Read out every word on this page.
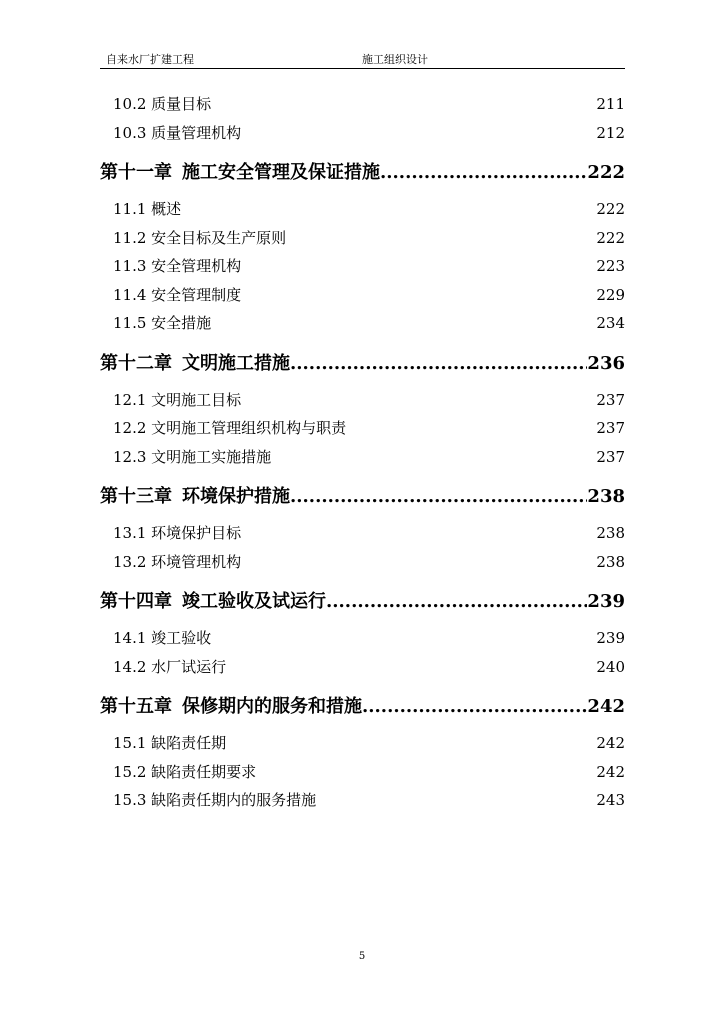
自来水厂扩建工程	施工组织设计
10.2 质量目标	211
10.3 质量管理机构	212
第十一章 施工安全管理及保证措施 .....	222
11.1 概述	222
11.2 安全目标及生产原则	222
11.3 安全管理机构	223
11.4 安全管理制度	229
11.5 安全措施	234
第十二章 文明施工措施 .....	236
12.1 文明施工目标	237
12.2 文明施工管理组织机构与职责	237
12.3 文明施工实施措施	237
第十三章 环境保护措施 .....	238
13.1 环境保护目标	238
13.2 环境管理机构	238
第十四章 竣工验收及试运行 .....	239
14.1 竣工验收	239
14.2 水厂试运行	240
第十五章 保修期内的服务和措施 .....	242
15.1 缺陷责任期	242
15.2 缺陷责任期要求	242
15.3 缺陷责任期内的服务措施	243
5
